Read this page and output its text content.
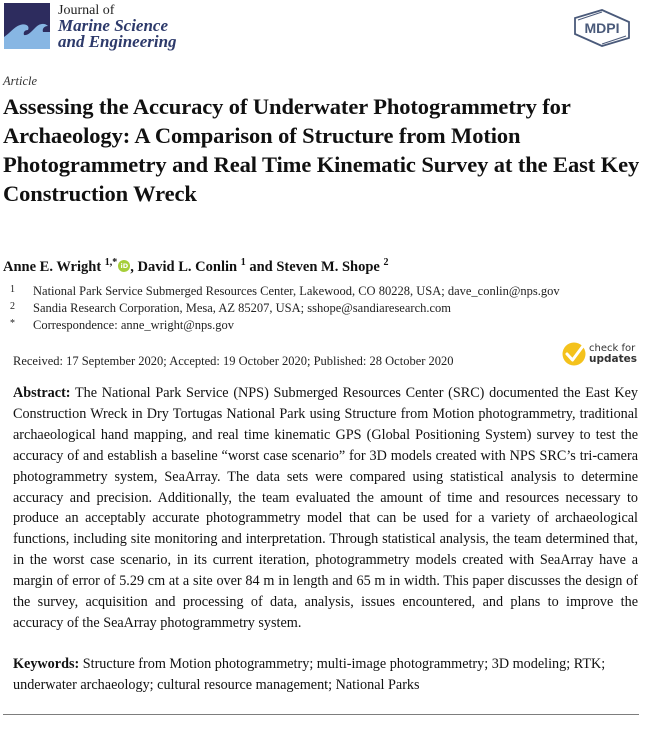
Journal of
Marine Science
and Engineering
MDPI
Article
Assessing the Accuracy of Underwater Photogrammetry for Archaeology: A Comparison of Structure from Motion Photogrammetry and Real Time Kinematic Survey at the East Key Construction Wreck
Anne E. Wright $^{1,*}$ iD , David L. Conlin $^1$ and Steven M. Shope $^2$
1	National Park Service Submerged Resources Center, Lakewood, CO 80228, USA; dave_conlin@nps.gov
2	Sandia Research Corporation, Mesa, AZ 85207, USA; sshope@sandiaresearch.com
*	Correspondence: anne_wright@nps.gov
Received: 17 September 2020; Accepted: 19 October 2020; Published: 28 October 2020
check for
updates

Abstract: The National Park Service (NPS) Submerged Resources Center (SRC) documented the East Key Construction Wreck in Dry Tortugas National Park using Structure from Motion photogrammetry, traditional archaeological hand mapping, and real time kinematic GPS (Global Positioning System) survey to test the accuracy of and establish a baseline “worst case scenario” for 3D models created with NPS SRC’s tri-camera photogrammetry system, SeaArray. The data sets were compared using statistical analysis to determine accuracy and precision. Additionally, the team evaluated the amount of time and resources necessary to produce an acceptably accurate photogrammetry model that can be used for a variety of archaeological functions, including site monitoring and interpretation. Through statistical analysis, the team determined that, in the worst case scenario, in its current iteration, photogrammetry models created with SeaArray have a margin of error of 5.29 cm at a site over 84 m in length and 65 m in width. This paper discusses the design of the survey, acquisition and processing of data, analysis, issues encountered, and plans to improve the accuracy of the SeaArray photogrammetry system.

Keywords: Structure from Motion photogrammetry; multi-image photogrammetry; 3D modeling; RTK; underwater archaeology; cultural resource management; National Parks
